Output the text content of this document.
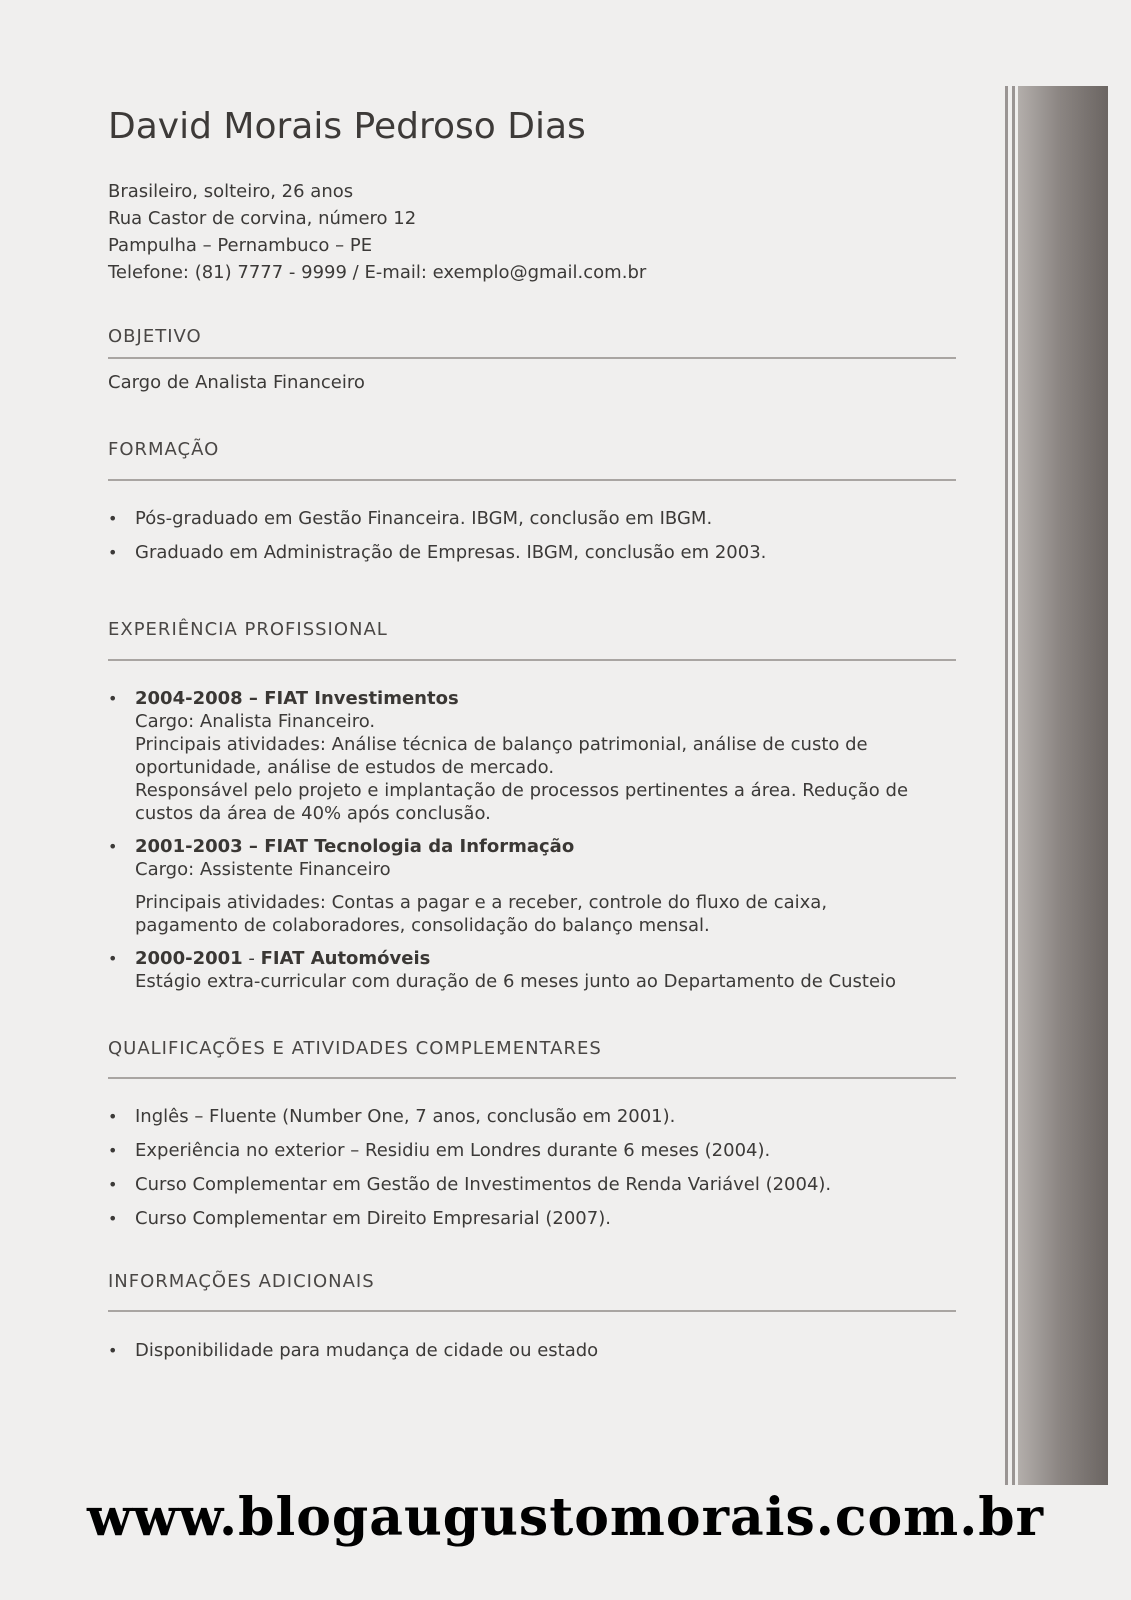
David Morais Pedroso Dias
Brasileiro, solteiro, 26 anos
Rua Castor de corvina, número 12
Pampulha – Pernambuco – PE
Telefone: (81) 7777 - 9999 / E-mail: exemplo@gmail.com.br
OBJETIVO
Cargo de Analista Financeiro
FORMAÇÃO
• Pós-graduado em Gestão Financeira. IBGM, conclusão em IBGM.
• Graduado em Administração de Empresas. IBGM, conclusão em 2003.
EXPERIÊNCIA PROFISSIONAL
• 2004-2008 – FIAT Investimentos
Cargo: Analista Financeiro.
Principais atividades: Análise técnica de balanço patrimonial, análise de custo de
oportunidade, análise de estudos de mercado.
Responsável pelo projeto e implantação de processos pertinentes a área. Redução de
custos da área de 40% após conclusão.
• 2001-2003 – FIAT Tecnologia da Informação
Cargo: Assistente Financeiro
Principais atividades: Contas a pagar e a receber, controle do fluxo de caixa,
pagamento de colaboradores, consolidação do balanço mensal.
• 2000-2001 - FIAT Automóveis
Estágio extra-curricular com duração de 6 meses junto ao Departamento de Custeio
QUALIFICAÇÕES E ATIVIDADES COMPLEMENTARES
• Inglês – Fluente (Number One, 7 anos, conclusão em 2001).
• Experiência no exterior – Residiu em Londres durante 6 meses (2004).
• Curso Complementar em Gestão de Investimentos de Renda Variável (2004).
• Curso Complementar em Direito Empresarial (2007).
INFORMAÇÕES ADICIONAIS
• Disponibilidade para mudança de cidade ou estado
www.blogaugustomorais.com.br
